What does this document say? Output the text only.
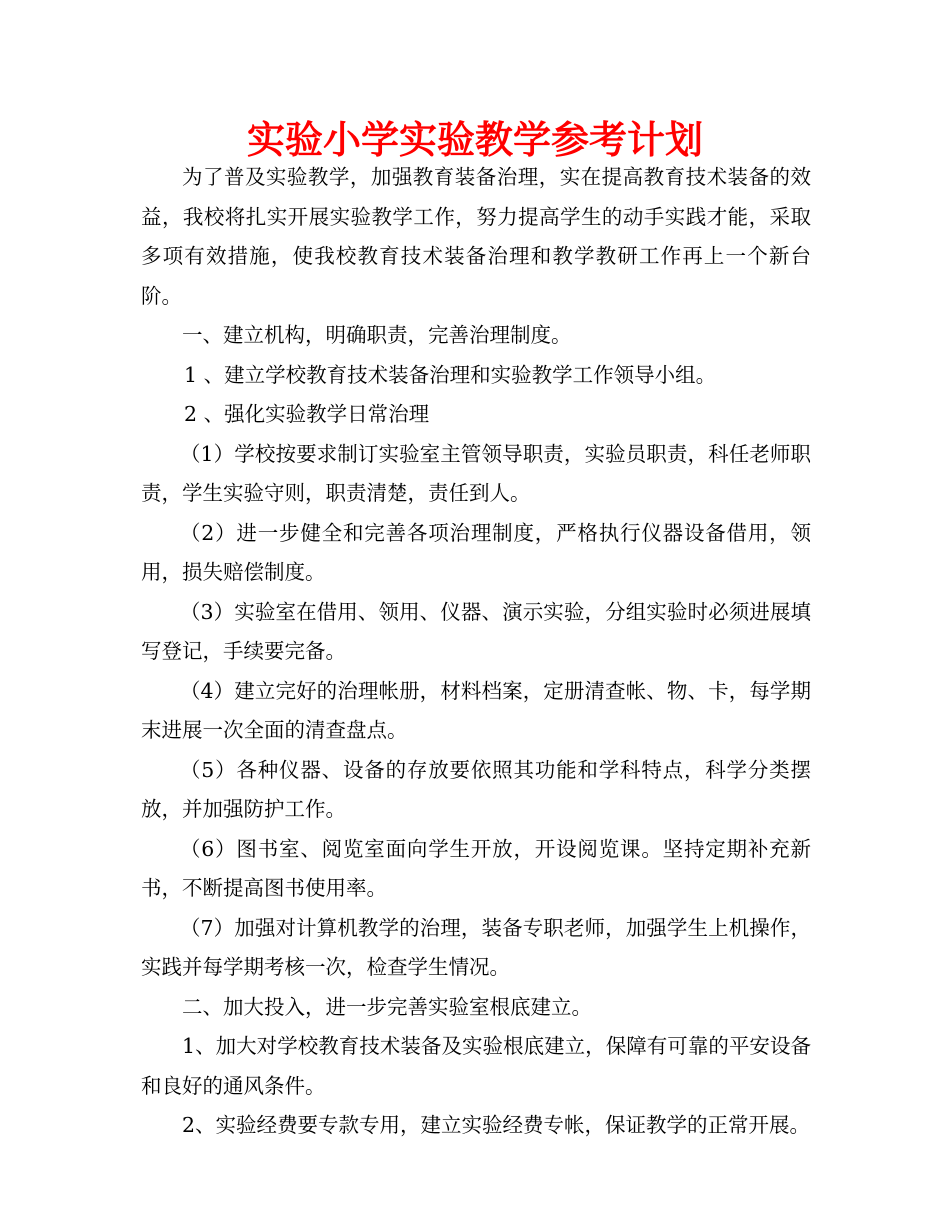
实验小学实验教学参考计划

为了普及实验教学，加强教育装备治理，实在提高教育技术装备的效益，我校将扎实开展实验教学工作，努力提高学生的动手实践才能，采取多项有效措施，使我校教育技术装备治理和教学教研工作再上一个新台阶。

一、建立机构，明确职责，完善治理制度。

1 、建立学校教育技术装备治理和实验教学工作领导小组。

2 、强化实验教学日常治理

（1）学校按要求制订实验室主管领导职责，实验员职责，科任老师职责，学生实验守则，职责清楚，责任到人。

（2）进一步健全和完善各项治理制度，严格执行仪器设备借用，领用，损失赔偿制度。

（3）实验室在借用、领用、仪器、演示实验，分组实验时必须进展填写登记，手续要完备。

（4）建立完好的治理帐册，材料档案，定册清查帐、物、卡，每学期末进展一次全面的清查盘点。

（5）各种仪器、设备的存放要依照其功能和学科特点，科学分类摆放，并加强防护工作。

（6）图书室、阅览室面向学生开放，开设阅览课。坚持定期补充新书，不断提高图书使用率。

（7）加强对计算机教学的治理，装备专职老师，加强学生上机操作，实践并每学期考核一次，检查学生情况。

二、加大投入，进一步完善实验室根底建立。

1、加大对学校教育技术装备及实验根底建立，保障有可靠的平安设备和良好的通风条件。

2、实验经费要专款专用，建立实验经费专帐，保证教学的正常开展。
